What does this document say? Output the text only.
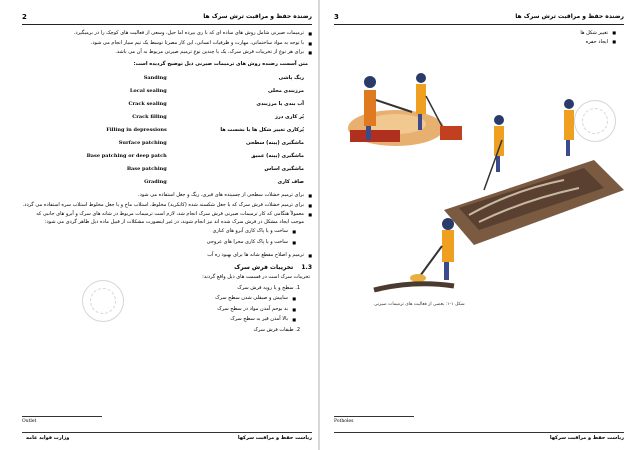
2	رضنده حفظ و مراقبت ترش سرک ها
■ ترمیمات صیرنی شامل روش های ساده ای که با ری بیرده اما حیل، وسعی از فعالیت های کوچک را در برمیگیرد.
■ با توجه به مواد ساختمانی، مهارت و ظرفیات انسانی، این کار مصرتا توسط یک تیم سیار انجام می شود.
■ برای هر نوع از تخریبات فرش سرک، یک یا چندین نوع ترمیم صیرنی مربوط به آن می باشد.
متن آسست رضنده روش های ترمیمات صیرنی ذیل توضیح گردیده است:
Sanding	ریگ پاشی
Local sealing	مرزبندی محلی
Crack sealing	آب بندی یا مرزبندی
Crack filling	پُر کاری درز
Filling in depressions	پُرکاری تغییر شکل ها یا نشست ها
Surface patching	ماشگیری (پینه) سطحی
Base patching or deep patch	ماشگیری (پینه) عمیق
Base patching	ماشگیری اساس
Grading	صاف کاری
■ برای ترمیم خشلات سطحی از چسپنده های قیری، ریگ و جغل استفاده می شود.
■ برای ترمیم خشلات فرش سرک که با جغل شکسته شده (کانکرید) مخلوط، استلاب ماخ و یا جغل مخلوط استلاب سره استفاده می گردد.
■ معمولاً هنگامی که کار ترمیمات صیرنی فرش سرک انجام شد، لازم است ترمیمات مربوط در شانه های سرک و آبرو های جانبی که موجب ایجاد مشکل در فرش سرک شده اند نیز انجام شوند، در غیر اینصورت مشکلات از قبیل ماده ذیل ظاهر گردی می شود:
■ ساخت و یا پاک کاری آبرو های کناری
■ ساخت و یا پاک کاری مجرا های عروجی
■ ترمیم و اصلاح مقطع شانه ها برای بهبود ره آب
1.3 تخریبات فرش سرک
تخریبات سرک است در قسمت های ذیل واقع گردند:
1. سطح و یا رویه فرش سرک
■ ساییش و صیقلی شدن سطح سرک
■ بد بوحم آمدن مواد در سطح سرک
■ بالا آمدن قیر به سطح سرک
2. طبقات فرش سرک
Outlet
ریاست حفظ و مراقبت سرکها
وزارت فواید عامه
3	رضنده حفظ و مراقبت ترش سرک ها
■ تغییر شکل ها
■ ایجاد حفره
شکل ۱-۱: بعضی از فعالیت های ترمیمات صیرنی
Potholes
ریاست حفظ و مراقبت سرکها
